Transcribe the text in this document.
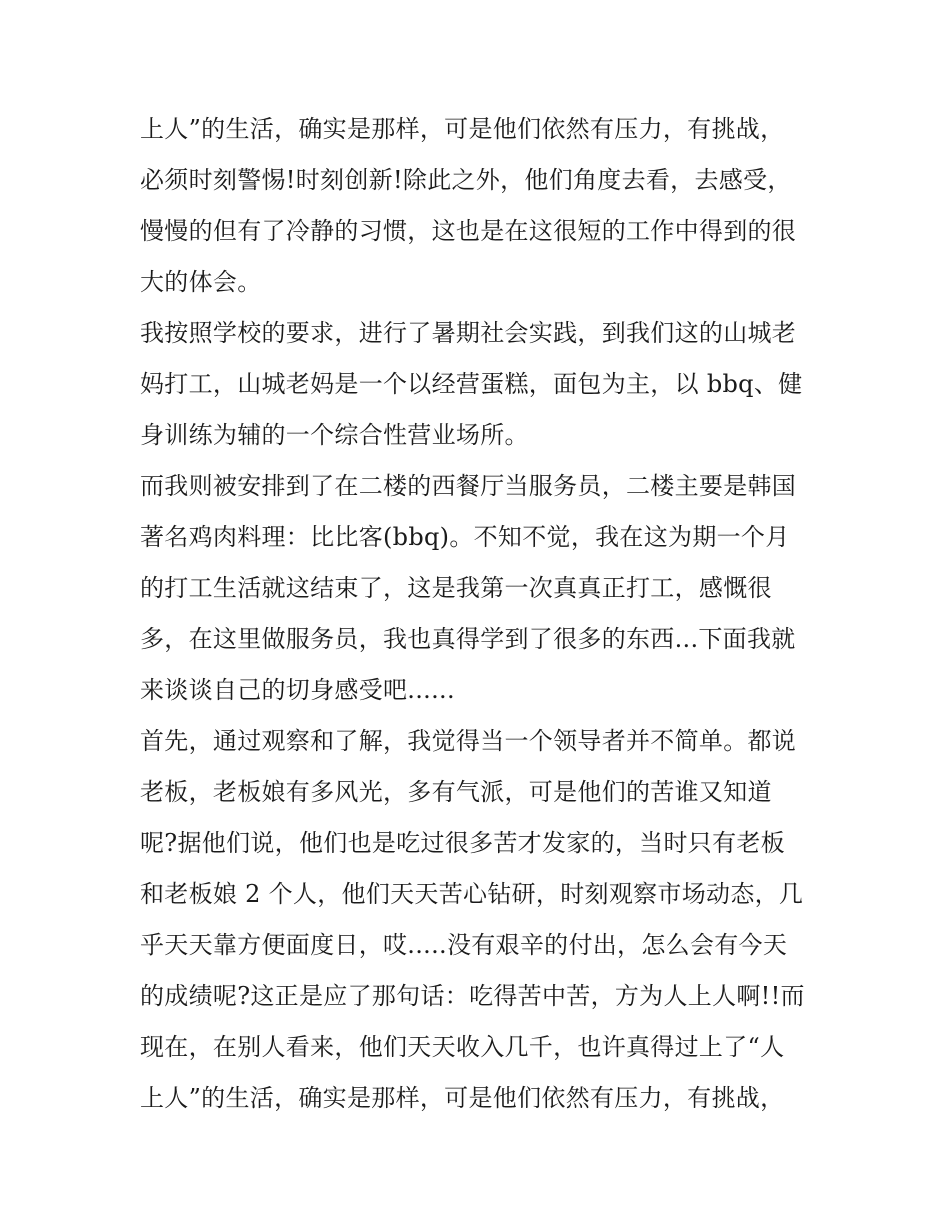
上人”的生活，确实是那样，可是他们依然有压力，有挑战，
必须时刻警惕!时刻创新!除此之外，他们角度去看，去感受，
慢慢的但有了冷静的习惯，这也是在这很短的工作中得到的很
大的体会。
我按照学校的要求，进行了暑期社会实践，到我们这的山城老
妈打工，山城老妈是一个以经营蛋糕，面包为主，以 bbq、健
身训练为辅的一个综合性营业场所。
而我则被安排到了在二楼的西餐厅当服务员，二楼主要是韩国
著名鸡肉料理：比比客(bbq)。不知不觉，我在这为期一个月
的打工生活就这结束了，这是我第一次真真正打工，感慨很
多，在这里做服务员，我也真得学到了很多的东西...下面我就
来谈谈自己的切身感受吧......
首先，通过观察和了解，我觉得当一个领导者并不简单。都说
老板，老板娘有多风光，多有气派，可是他们的苦谁又知道
呢?据他们说，他们也是吃过很多苦才发家的，当时只有老板
和老板娘 2 个人，他们天天苦心钻研，时刻观察市场动态，几
乎天天靠方便面度日，哎.....没有艰辛的付出，怎么会有今天
的成绩呢?这正是应了那句话：吃得苦中苦，方为人上人啊!!而
现在，在别人看来，他们天天收入几千，也许真得过上了“人
上人”的生活，确实是那样，可是他们依然有压力，有挑战，
